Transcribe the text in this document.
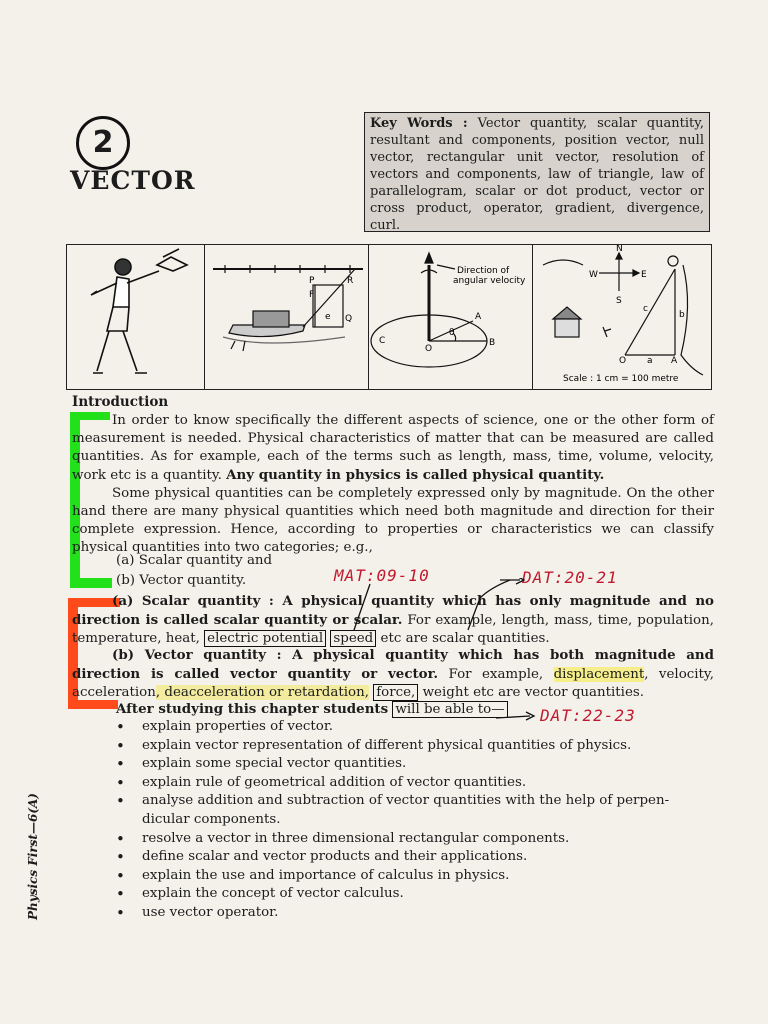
2
VECTOR
Key Words : Vector quantity, scalar quantity, resultant and components, position vector, null vector, rectangular unit vector, resolution of vectors and components, law of triangle, law of parallelogram, scalar or dot product, vector or cross product, operator, gradient, divergence, curl.
P	R
F
e Q
Direction of
angular velocity
C
O
B
A
θ
N
S
E
W
b
c
O a A
Scale : 1 cm = 100 metre
Introduction

In order to know specifically the different aspects of science, one or the other form of measurement is needed. Physical characteristics of matter that can be measured are called quantities. As for example, each of the terms such as length, mass, time, volume, velocity, work etc is a quantity. Any quantity in physics is called physical quantity.

Some physical quantities can be completely expressed only by magnitude. On the other hand there are many physical quantities which need both magnitude and direction for their complete expression. Hence, according to properties or characteristics we can classify physical quantities into two categories; e.g.,

(a) Scalar quantity and
(b) Vector quantity.

(a) Scalar quantity : A physical quantity which has only magnitude and no direction is called scalar quantity or scalar. For example, length, mass, time, population, temperature, heat, electric potential speed etc are scalar quantities.

(b) Vector quantity : A physical quantity which has both magnitude and direction is called vector quantity or vector. For example, displacement, velocity, acceleration, deacceleration or retardation, force, weight etc are vector quantities.

After studying this chapter students will be able to—
• explain properties of vector.
• explain vector representation of different physical quantities of physics.
• explain some special vector quantities.
• explain rule of geometrical addition of vector quantities.
• analyse addition and subtraction of vector quantities with the help of perpen-dicular components.
• resolve a vector in three dimensional rectangular components.
• define scalar and vector products and their applications.
• explain the use and importance of calculus in physics.
• explain the concept of vector calculus.
• use vector operator.
MAT:09-10	DAT:20-21
DAT:22-23
Physics First—6(A)
